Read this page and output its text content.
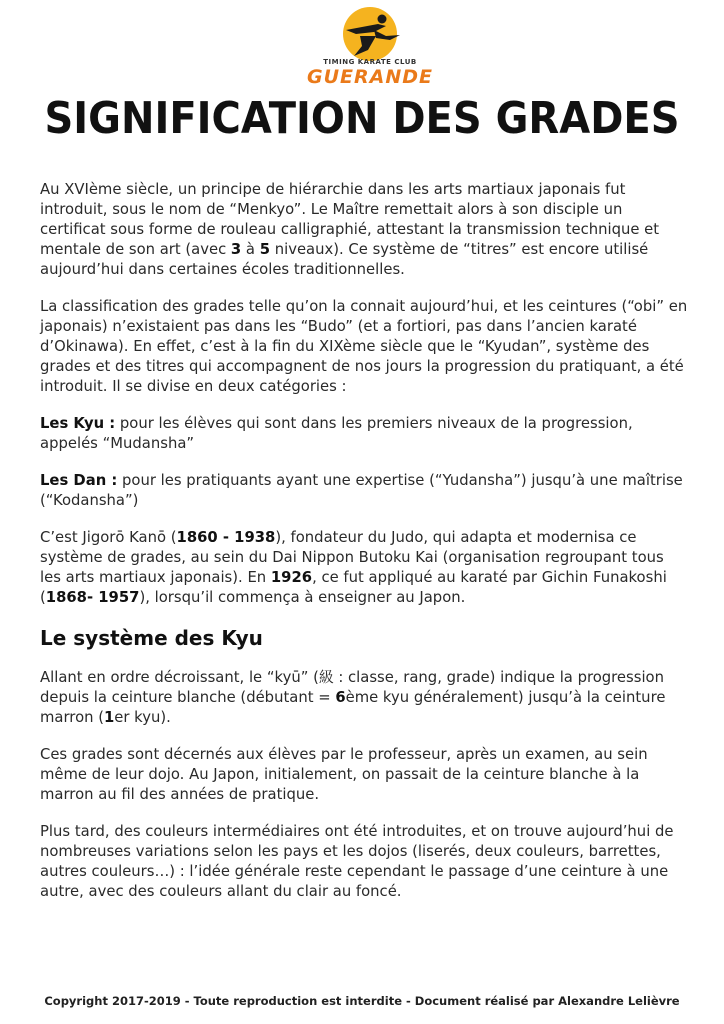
TIMING KARATE CLUB
GUERANDE
SIGNIFICATION DES GRADES

Au XVIème siècle, un principe de hiérarchie dans les arts martiaux japonais fut introduit, sous le nom de “Menkyo”. Le Maître remettait alors à son disciple un certificat sous forme de rouleau calligraphié, attestant la transmission technique et mentale de son art (avec 3 à 5 niveaux). Ce système de “titres” est encore utilisé aujourd’hui dans certaines écoles traditionnelles.

La classification des grades telle qu’on la connait aujourd’hui, et les ceintures (“obi” en japonais) n’existaient pas dans les “Budo” (et a fortiori, pas dans l’ancien karaté d’Okinawa). En effet, c’est à la fin du XIXème siècle que le “Kyudan”, système des grades et des titres qui accompagnent de nos jours la progression du pratiquant, a été introduit. Il se divise en deux catégories :

Les Kyu : pour les élèves qui sont dans les premiers niveaux de la progression, appelés “Mudansha”

Les Dan : pour les pratiquants ayant une expertise (“Yudansha”) jusqu’à une maîtrise (“Kodansha”)

C’est Jigorō Kanō (1860 - 1938), fondateur du Judo, qui adapta et modernisa ce système de grades, au sein du Dai Nippon Butoku Kai (organisation regroupant tous les arts martiaux japonais). En 1926, ce fut appliqué au karaté par Gichin Funakoshi (1868- 1957), lorsqu’il commença à enseigner au Japon.

Le système des Kyu

Allant en ordre décroissant, le “kyū” (級 : classe, rang, grade) indique la progression depuis la ceinture blanche (débutant = 6ème kyu généralement) jusqu’à la ceinture marron (1er kyu).

Ces grades sont décernés aux élèves par le professeur, après un examen, au sein même de leur dojo. Au Japon, initialement, on passait de la ceinture blanche à la marron au fil des années de pratique.

Plus tard, des couleurs intermédiaires ont été introduites, et on trouve aujourd’hui de nombreuses variations selon les pays et les dojos (liserés, deux couleurs, barrettes, autres couleurs…) : l’idée générale reste cependant le passage d’une ceinture à une autre, avec des couleurs allant du clair au foncé.

Copyright 2017-2019 - Toute reproduction est interdite - Document réalisé par Alexandre Lelièvre
